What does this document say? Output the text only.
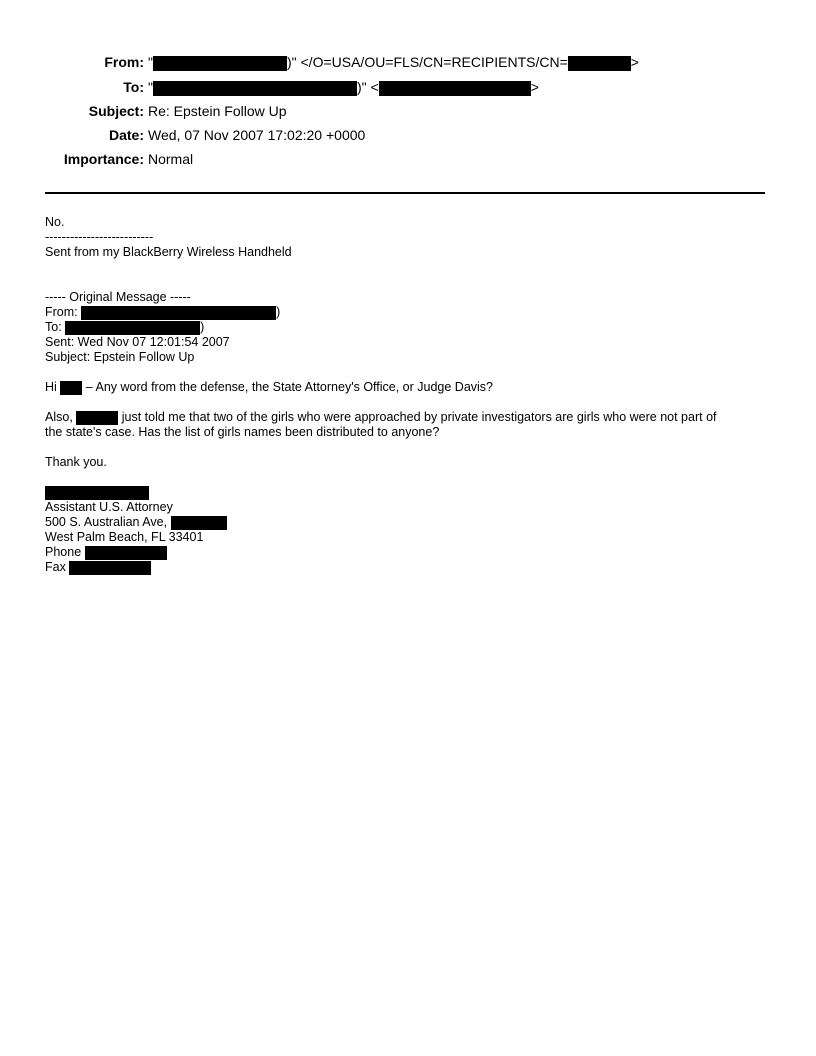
From: "	)" </O=USA/OU=FLS/CN=RECIPIENTS/CN=	>
To: "	)" <	>
Subject: Re: Epstein Follow Up
Date: Wed, 07 Nov 2007 17:02:20 +0000
Importance: Normal
No.
--------------------------
Sent from my BlackBerry Wireless Handheld
----- Original Message -----
From:	)
To:	)
Sent: Wed Nov 07 12:01:54 2007
Subject: Epstein Follow Up
Hi  – Any word from the defense, the State Attorney's Office, or Judge Davis?
Also,	just told me that two of the girls who were approached by private investigators are girls who were not part of
the state's case. Has the list of girls names been distributed to anyone?
Thank you.
Assistant U.S. Attorney
500 S. Australian Ave,
West Palm Beach, FL 33401
Phone
Fax
